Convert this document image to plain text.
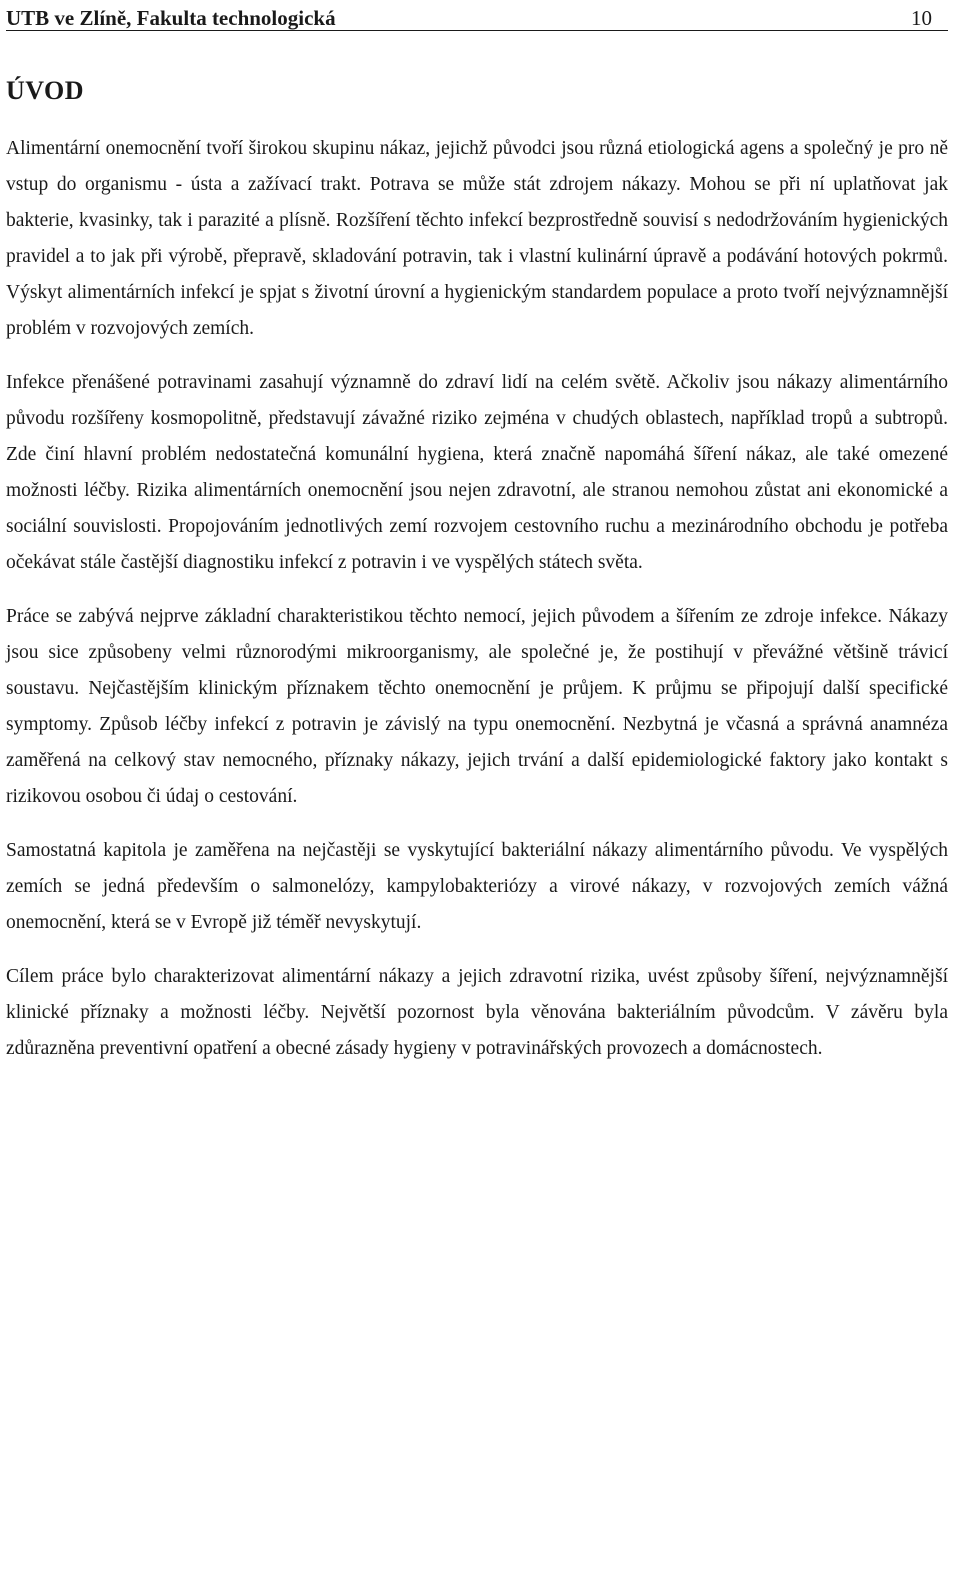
UTB ve Zlíně, Fakulta technologická	10
ÚVOD

Alimentární onemocnění tvoří širokou skupinu nákaz, jejichž původci jsou různá etiologická agens a společný je pro ně vstup do organismu - ústa a zažívací trakt. Potrava se může stát zdrojem nákazy. Mohou se při ní uplatňovat jak bakterie, kvasinky, tak i parazité a plísně. Rozšíření těchto infekcí bezprostředně souvisí s nedodržováním hygienických pravidel a to jak při výrobě, přepravě, skladování potravin, tak i vlastní kulinární úpravě a podávání hotových pokrmů. Výskyt alimentárních infekcí je spjat s životní úrovní a hygienickým standardem populace a proto tvoří nejvýznamnější problém v rozvojových zemích.

Infekce přenášené potravinami zasahují významně do zdraví lidí na celém světě. Ačkoliv jsou nákazy alimentárního původu rozšířeny kosmopolitně, představují závažné riziko zejména v chudých oblastech, například tropů a subtropů. Zde činí hlavní problém nedostatečná komunální hygiena, která značně napomáhá šíření nákaz, ale také omezené možnosti léčby. Rizika alimentárních onemocnění jsou nejen zdravotní, ale stranou nemohou zůstat ani ekonomické a sociální souvislosti. Propojováním jednotlivých zemí rozvojem cestovního ruchu a mezinárodního obchodu je potřeba očekávat stále častější diagnostiku infekcí z potravin i ve vyspělých státech světa.

Práce se zabývá nejprve základní charakteristikou těchto nemocí, jejich původem a šířením ze zdroje infekce. Nákazy jsou sice způsobeny velmi různorodými mikroorganismy, ale společné je, že postihují v převážné většině trávicí soustavu. Nejčastějším klinickým příznakem těchto onemocnění je průjem. K průjmu se připojují další specifické symptomy. Způsob léčby infekcí z potravin je závislý na typu onemocnění. Nezbytná je včasná a správná anamnéza zaměřená na celkový stav nemocného, příznaky nákazy, jejich trvání a další epidemiologické faktory jako kontakt s rizikovou osobou či údaj o cestování.

Samostatná kapitola je zaměřena na nejčastěji se vyskytující bakteriální nákazy alimentárního původu. Ve vyspělých zemích se jedná především o salmonelózy, kampylobakteriózy a virové nákazy, v rozvojových zemích vážná onemocnění, která se v Evropě již téměř nevyskytují.

Cílem práce bylo charakterizovat alimentární nákazy a jejich zdravotní rizika, uvést způsoby šíření, nejvýznamnější klinické příznaky a možnosti léčby. Největší pozornost byla věnována bakteriálním původcům. V závěru byla zdůrazněna preventivní opatření a obecné zásady hygieny v potravinářských provozech a domácnostech.
